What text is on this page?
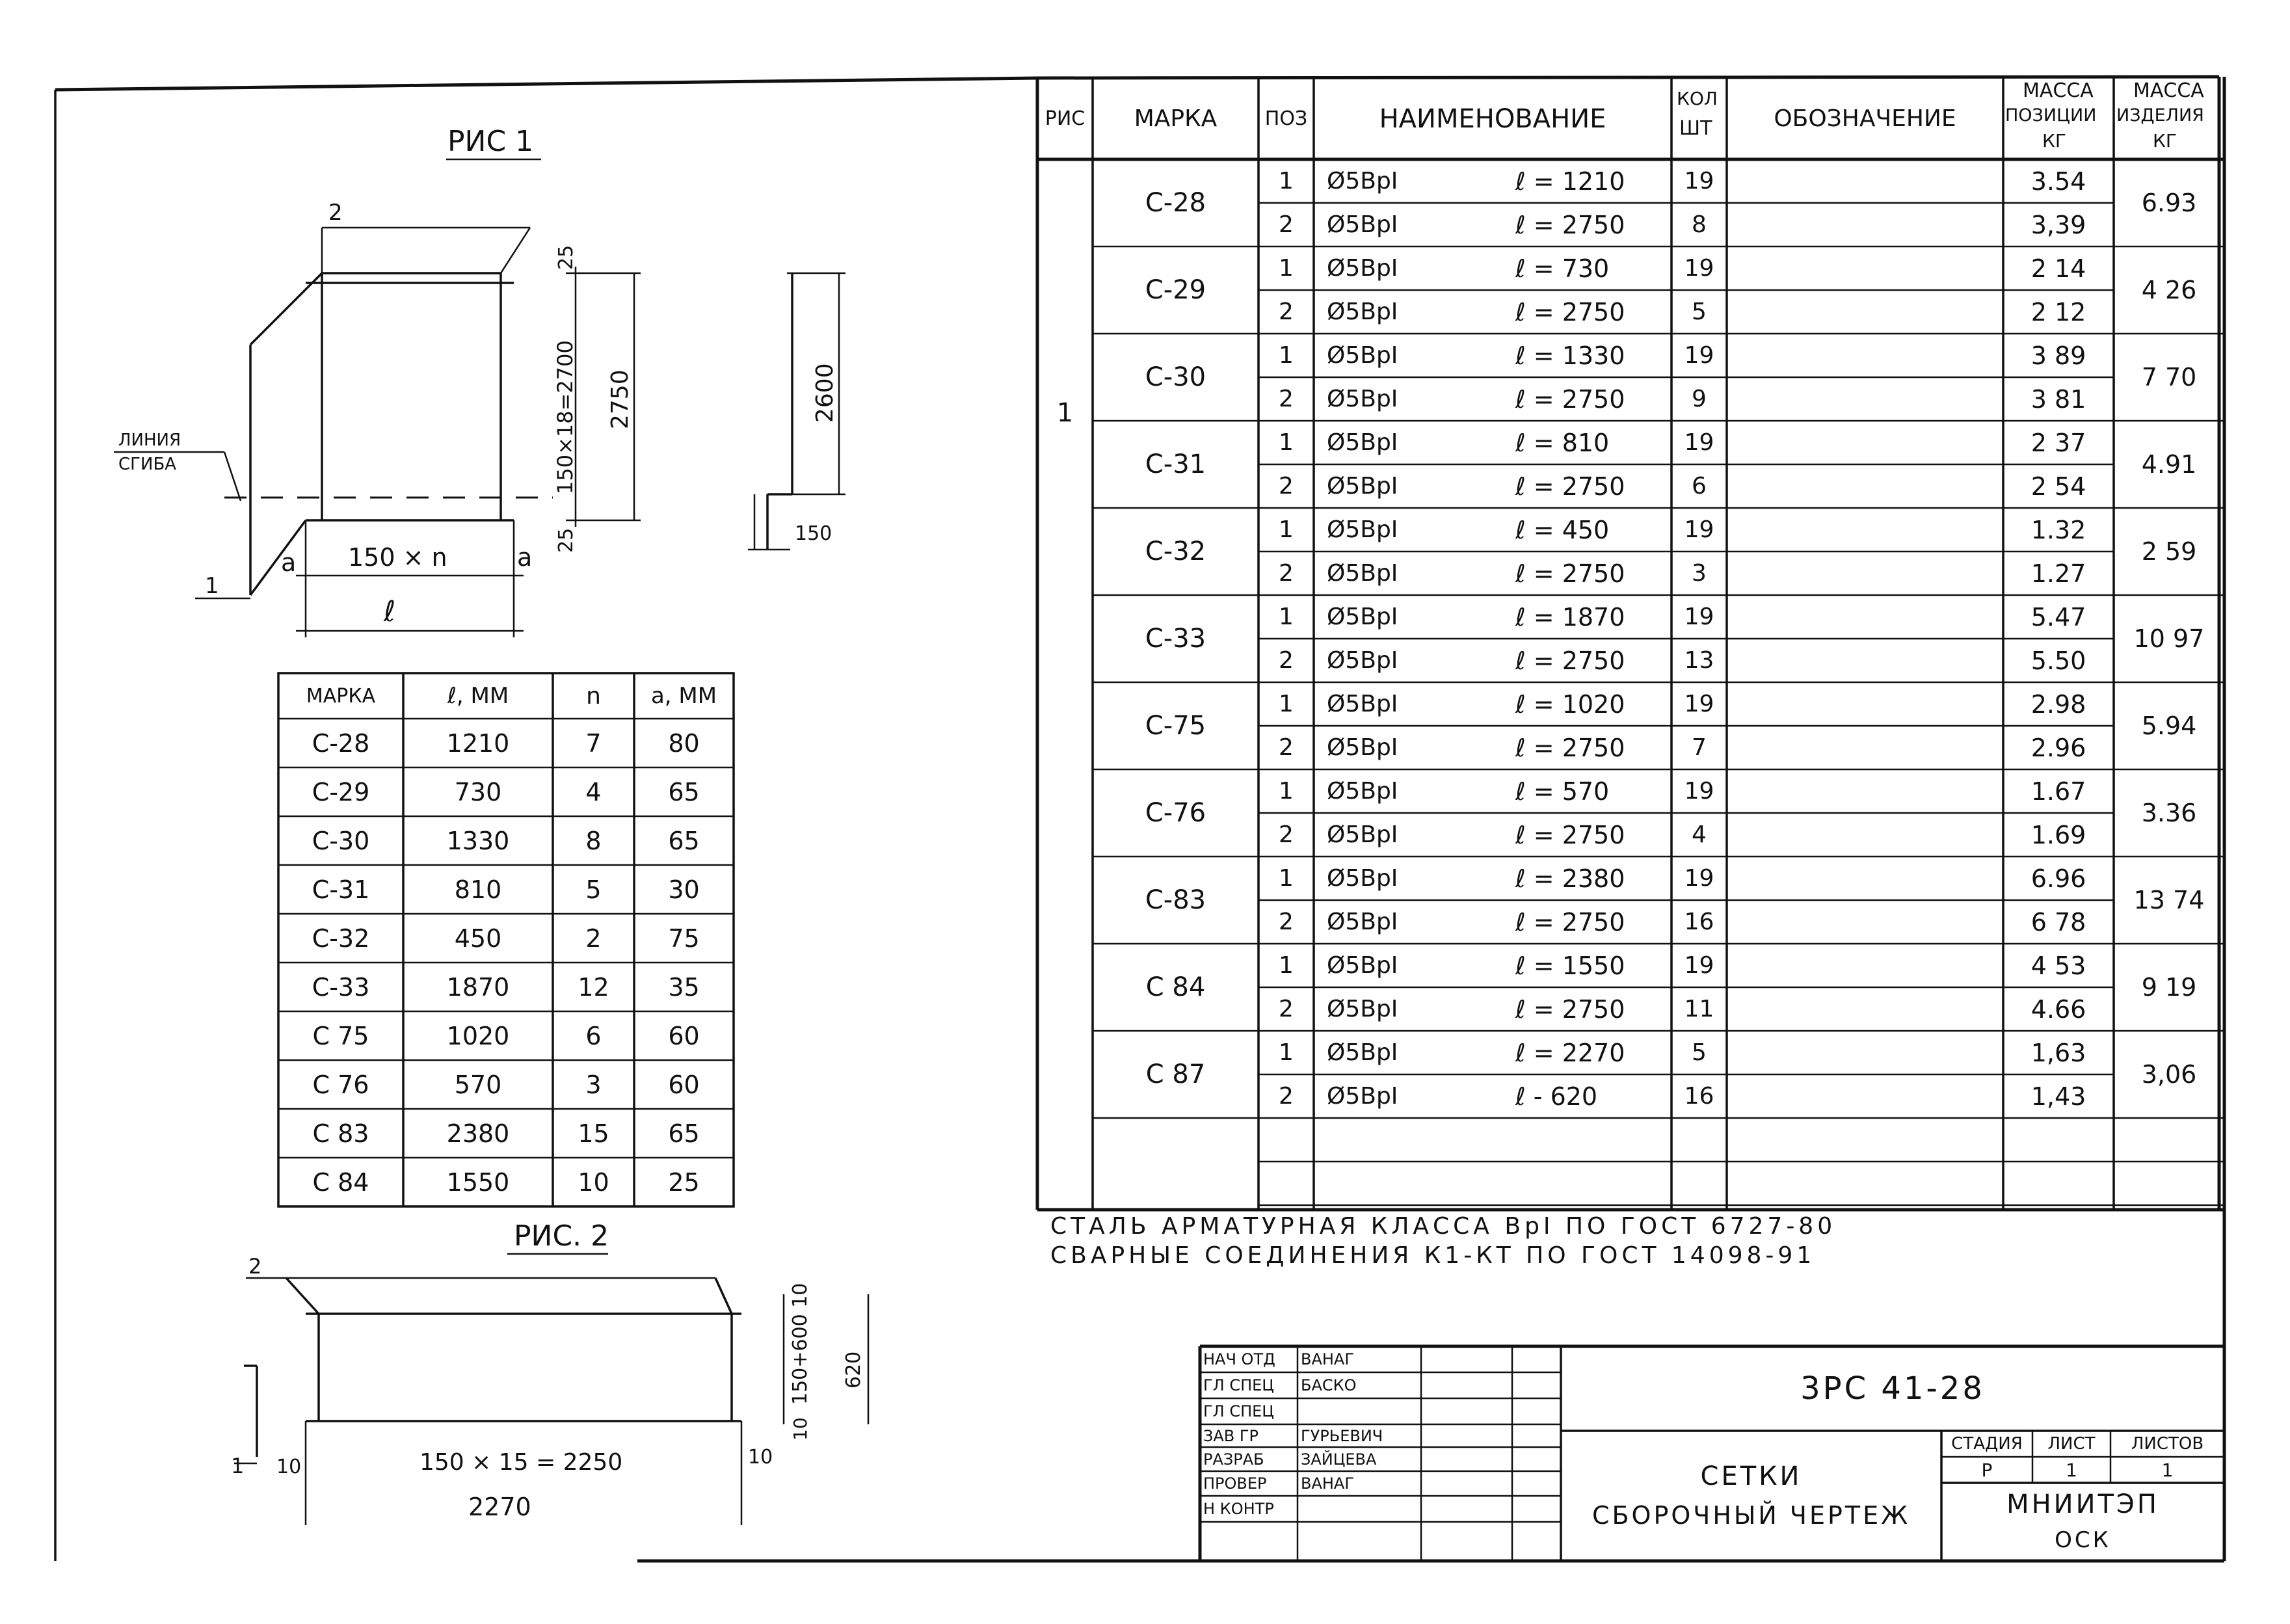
РИС 1
2
1
ЛИНИЯ
СГИБА
25
150×18=2700
25
2750	2600
150
a 150 × n	a
ℓ
РИС. 2
2
1 10	150 × 15 = 2250	10
2270
150+600 10 620
10
МАРКА	ℓ, ММ	n	a, ММ
С-28	1210	7	80
С-29	730	4	65
С-30	1330	8	65
С-31	810	5	30
С-32	450	2	75
С-33	1870	12	35
С 75	1020	6	60
С 76	570	3	60
С 83	2380	15	65
С 84	1550	10	25
РИС	МАРКА	ПОЗ	НАИМЕНОВАНИЕ
КОЛ
ШТ	ОБОЗНАЧЕНИЕ
МАССА
ПОЗИЦИИ
КГ
МАССА
ИЗДЕЛИЯ
КГ
1
С-28	6.93
1	Ø5ВрI	ℓ = 1210	19	3.54
2	Ø5ВрI	ℓ = 2750	8	3,39
С-29	4 26
1	Ø5ВрI	ℓ = 730	19	2 14
2	Ø5ВрI	ℓ = 2750	5	2 12
С-30	7 70
1	Ø5ВрI	ℓ = 1330	19	3 89
2	Ø5ВрI	ℓ = 2750	9	3 81
С-31	4.91
1	Ø5ВрI	ℓ = 810	19	2 37
2	Ø5ВрI	ℓ = 2750	6	2 54
С-32	2 59
1	Ø5ВрI	ℓ = 450	19	1.32
2	Ø5ВрI	ℓ = 2750	3	1.27
С-33	10 97
1	Ø5ВрI	ℓ = 1870	19	5.47
2	Ø5ВрI	ℓ = 2750	13	5.50
С-75	5.94
1	Ø5ВрI	ℓ = 1020	19	2.98
2	Ø5ВрI	ℓ = 2750	7	2.96
С-76	3.36
1	Ø5ВрI	ℓ = 570	19	1.67
2	Ø5ВрI	ℓ = 2750	4	1.69
С-83	13 74
1	Ø5ВрI	ℓ = 2380	19	6.96
2	Ø5ВрI	ℓ = 2750	16	6 78
С 84	9 19
1	Ø5ВрI	ℓ = 1550	19	4 53
2	Ø5ВрI	ℓ = 2750	11	4.66
С 87	3,06
1	Ø5ВрI	ℓ = 2270	5	1,63
2	Ø5ВрI	ℓ - 620	16	1,43
СТАЛЬ АРМАТУРНАЯ КЛАССА ВрI ПО ГОСТ 6727-80
СВАРНЫЕ СОЕДИНЕНИЯ К1-КТ ПО ГОСТ 14098-91
НАЧ ОТД	ВАНАГ
ГЛ СПЕЦ	БАСКО
ГЛ СПЕЦ
ЗАВ ГР	ГУРЬЕВИЧ
РАЗРАБ	ЗАЙЦЕВА
ПРОВЕР	ВАНАГ
Н КОНТР
3РС 41-28
СЕТКИ
СБОРОЧНЫЙ ЧЕРТЕЖ
СТАДИЯ	ЛИСТ	ЛИСТОВ
Р	1	1
МНИИТЭП
ОСК
